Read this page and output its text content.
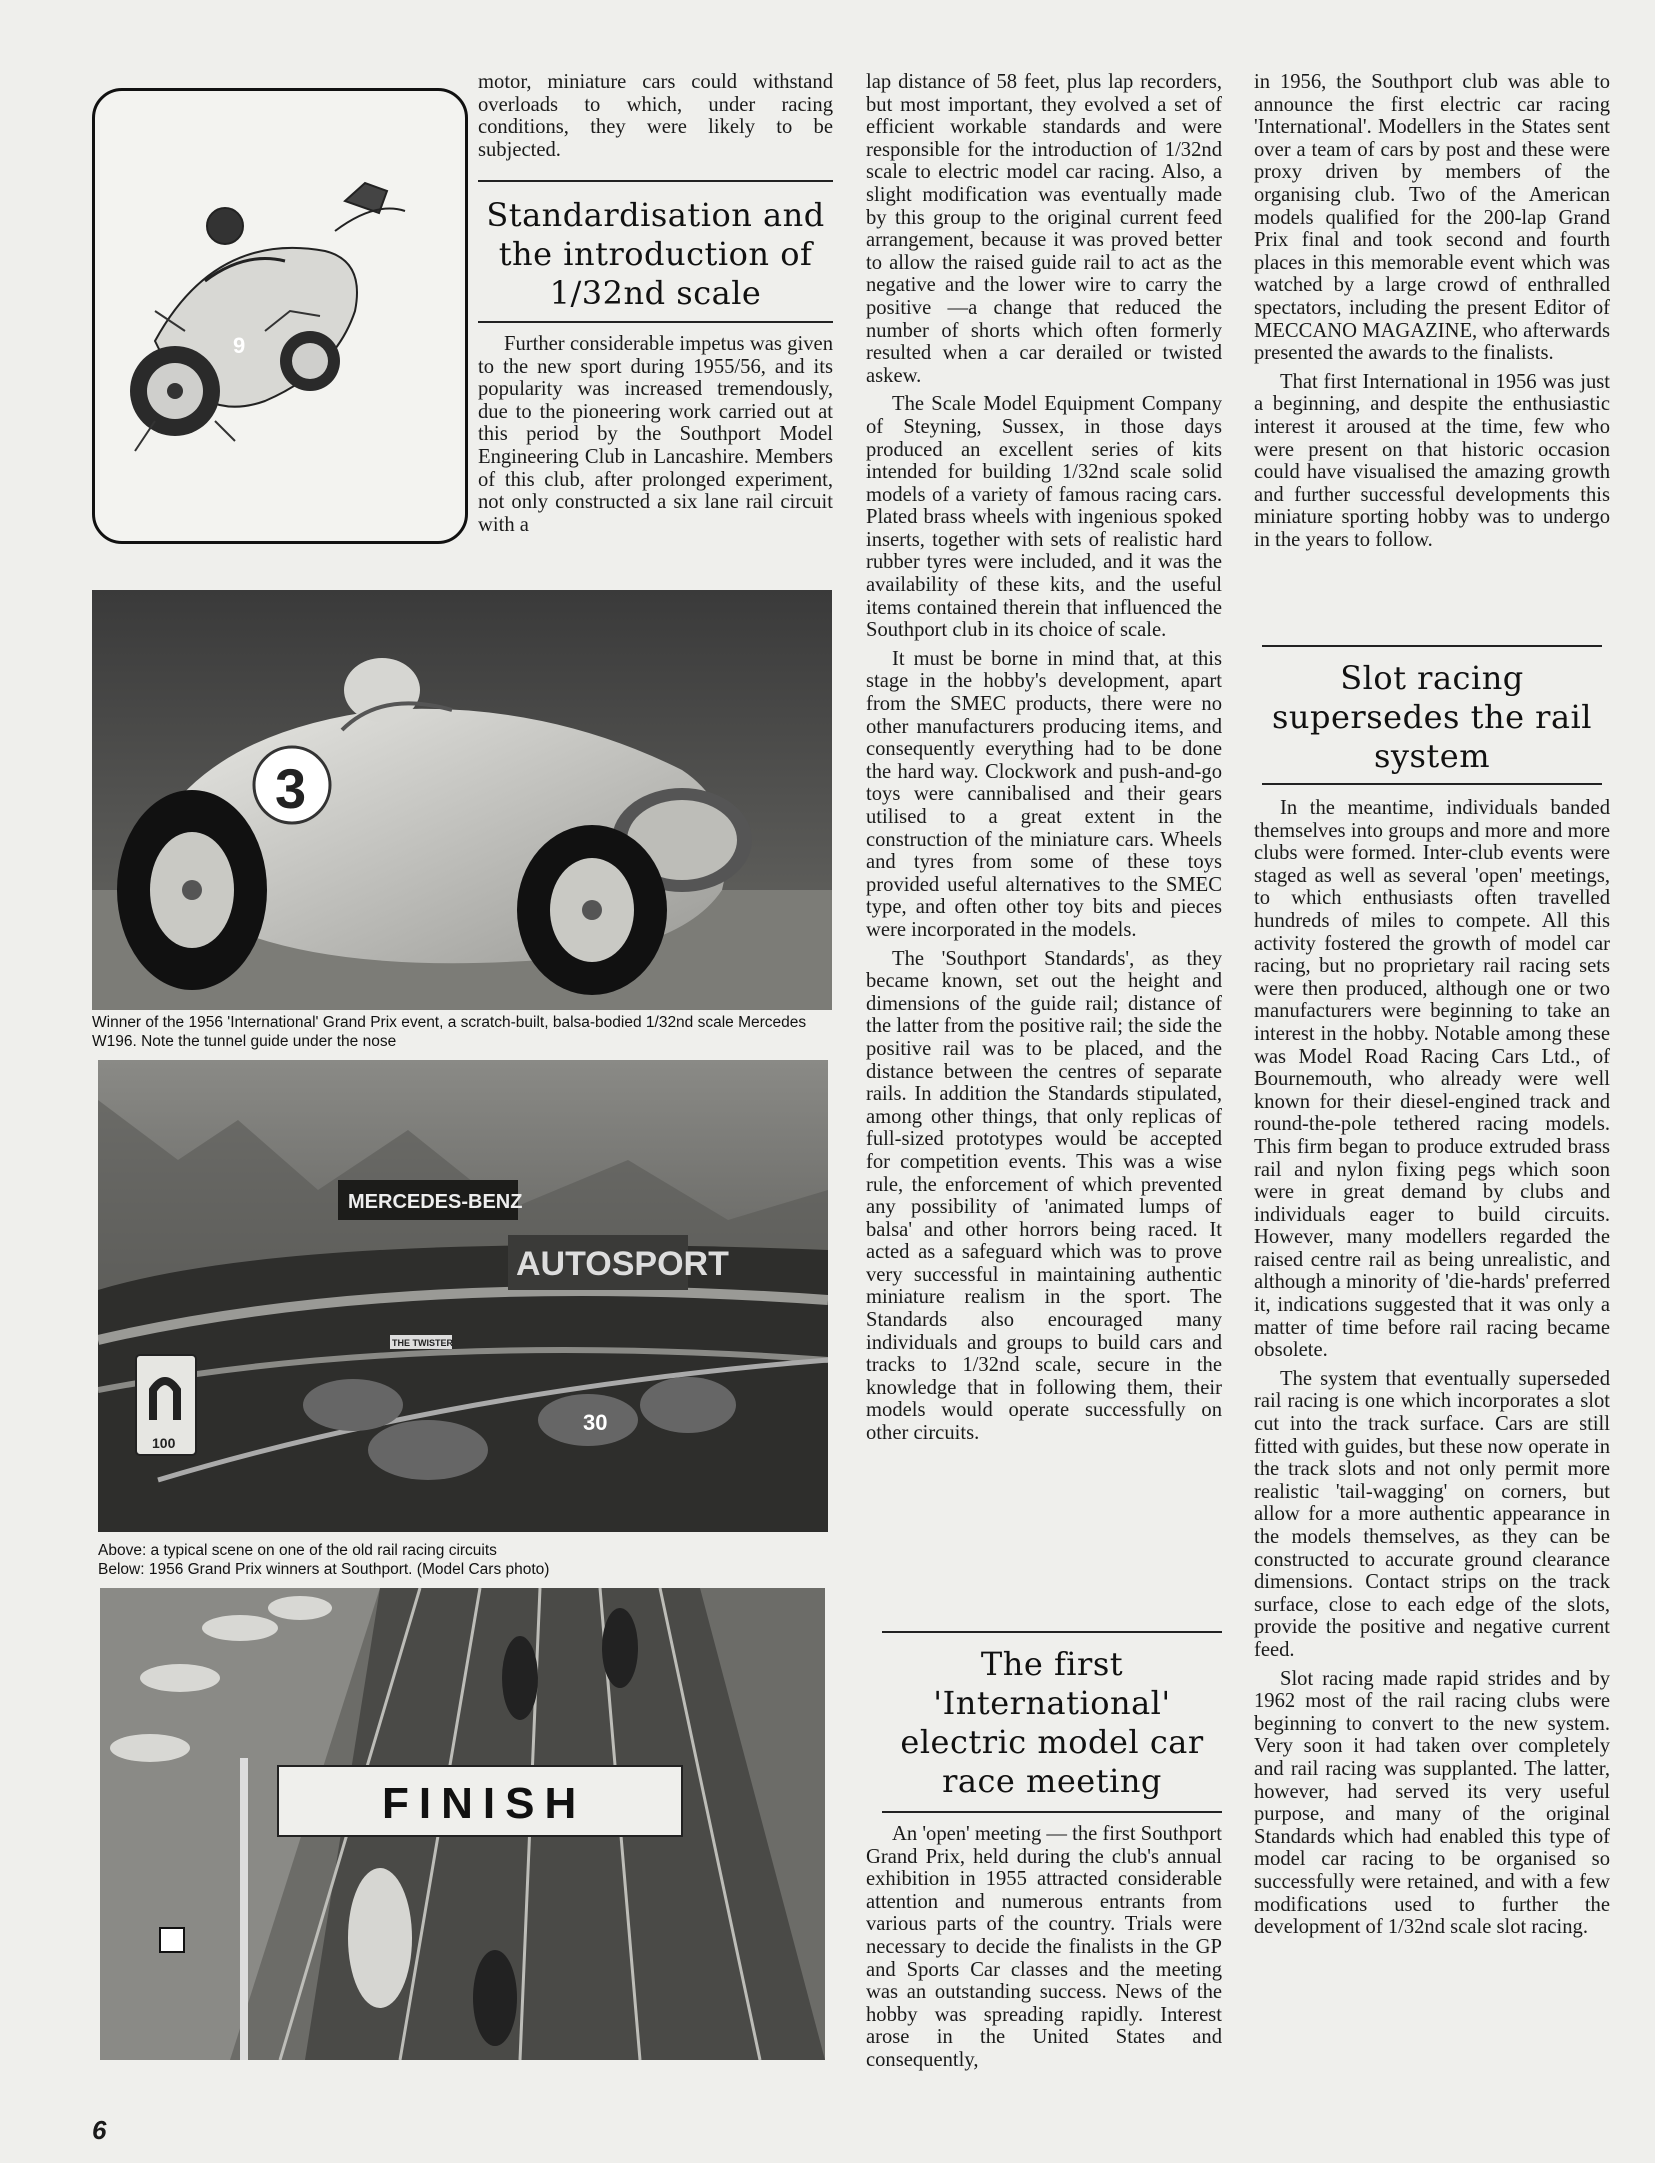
9

motor, miniature cars could withstand overloads to which, under racing conditions, they were likely to be subjected.

Standardisation and the introduction of 1/32nd scale

Further considerable impetus was given to the new sport during 1955/56, and its popularity was increased tremendously, due to the pioneering work carried out at this period by the Southport Model Engineering Club in Lancashire. Members of this club, after prolonged experiment, not only constructed a six lane rail circuit with a

3
Winner of the 1956 'International' Grand Prix event, a scratch-built, balsa-bodied 1/32nd scale Mercedes W196. Note the tunnel guide under the nose
MERCEDES-BENZ
AUTOSPORT
THE TWISTER
100
30
Above: a typical scene on one of the old rail racing circuits
Below: 1956 Grand Prix winners at Southport. (Model Cars photo)
FINISH
6

lap distance of 58 feet, plus lap recorders, but most important, they evolved a set of efficient workable standards and were responsible for the introduction of 1/32nd scale to electric model car racing. Also, a slight modification was eventually made by this group to the original current feed arrangement, because it was proved better to allow the raised guide rail to act as the negative and the lower wire to carry the positive —a change that reduced the number of shorts which often formerly resulted when a car derailed or twisted askew.

The Scale Model Equipment Company of Steyning, Sussex, in those days produced an excellent series of kits intended for building 1/32nd scale solid models of a variety of famous racing cars. Plated brass wheels with ingenious spoked inserts, together with sets of realistic hard rubber tyres were included, and it was the availability of these kits, and the useful items contained therein that influenced the Southport club in its choice of scale.

It must be borne in mind that, at this stage in the hobby's development, apart from the SMEC products, there were no other manufacturers producing items, and consequently everything had to be done the hard way. Clockwork and push-and-go toys were cannibalised and their gears utilised to a great extent in the construction of the miniature cars. Wheels and tyres from some of these toys provided useful alternatives to the SMEC type, and often other toy bits and pieces were incorporated in the models.

The 'Southport Standards', as they became known, set out the height and dimensions of the guide rail; distance of the latter from the positive rail; the side the positive rail was to be placed, and the distance between the centres of separate rails. In addition the Standards stipulated, among other things, that only replicas of full-sized prototypes would be accepted for competition events. This was a wise rule, the enforcement of which prevented any possibility of 'animated lumps of balsa' and other horrors being raced. It acted as a safeguard which was to prove very successful in maintaining authentic miniature realism in the sport. The Standards also encouraged many individuals and groups to build cars and tracks to 1/32nd scale, secure in the knowledge that in following them, their models would operate successfully on other circuits.

The first 'International' electric model car race meeting

An 'open' meeting — the first Southport Grand Prix, held during the club's annual exhibition in 1955 attracted considerable attention and numerous entrants from various parts of the country. Trials were necessary to decide the finalists in the GP and Sports Car classes and the meeting was an outstanding success. News of the hobby was spreading rapidly. Interest arose in the United States and consequently,

in 1956, the Southport club was able to announce the first electric car racing 'International'. Modellers in the States sent over a team of cars by post and these were proxy driven by members of the organising club. Two of the American models qualified for the 200-lap Grand Prix final and took second and fourth places in this memorable event which was watched by a large crowd of enthralled spectators, including the present Editor of MECCANO MAGAZINE, who afterwards presented the awards to the finalists.

That first International in 1956 was just a beginning, and despite the enthusiastic interest it aroused at the time, few who were present on that historic occasion could have visualised the amazing growth and further successful developments this miniature sporting hobby was to undergo in the years to follow.

Slot racing supersedes the rail system

In the meantime, individuals banded themselves into groups and more and more clubs were formed. Inter-club events were staged as well as several 'open' meetings, to which enthusiasts often travelled hundreds of miles to compete. All this activity fostered the growth of model car racing, but no proprietary rail racing sets were then produced, although one or two manufacturers were beginning to take an interest in the hobby. Notable among these was Model Road Racing Cars Ltd., of Bournemouth, who already were well known for their diesel-engined track and round-the-pole tethered racing models. This firm began to produce extruded brass rail and nylon fixing pegs which soon were in great demand by clubs and individuals eager to build circuits. However, many modellers regarded the raised centre rail as being unrealistic, and although a minority of 'die-hards' preferred it, indications suggested that it was only a matter of time before rail racing became obsolete.

The system that eventually superseded rail racing is one which incorporates a slot cut into the track surface. Cars are still fitted with guides, but these now operate in the track slots and not only permit more realistic 'tail-wagging' on corners, but allow for a more authentic appearance in the models themselves, as they can be constructed to accurate ground clearance dimensions. Contact strips on the track surface, close to each edge of the slots, provide the positive and negative current feed.

Slot racing made rapid strides and by 1962 most of the rail racing clubs were beginning to convert to the new system. Very soon it had taken over completely and rail racing was supplanted. The latter, however, had served its very useful purpose, and many of the original Standards which had enabled this type of model car racing to be organised so successfully were retained, and with a few modifications used to further the development of 1/32nd scale slot racing.
